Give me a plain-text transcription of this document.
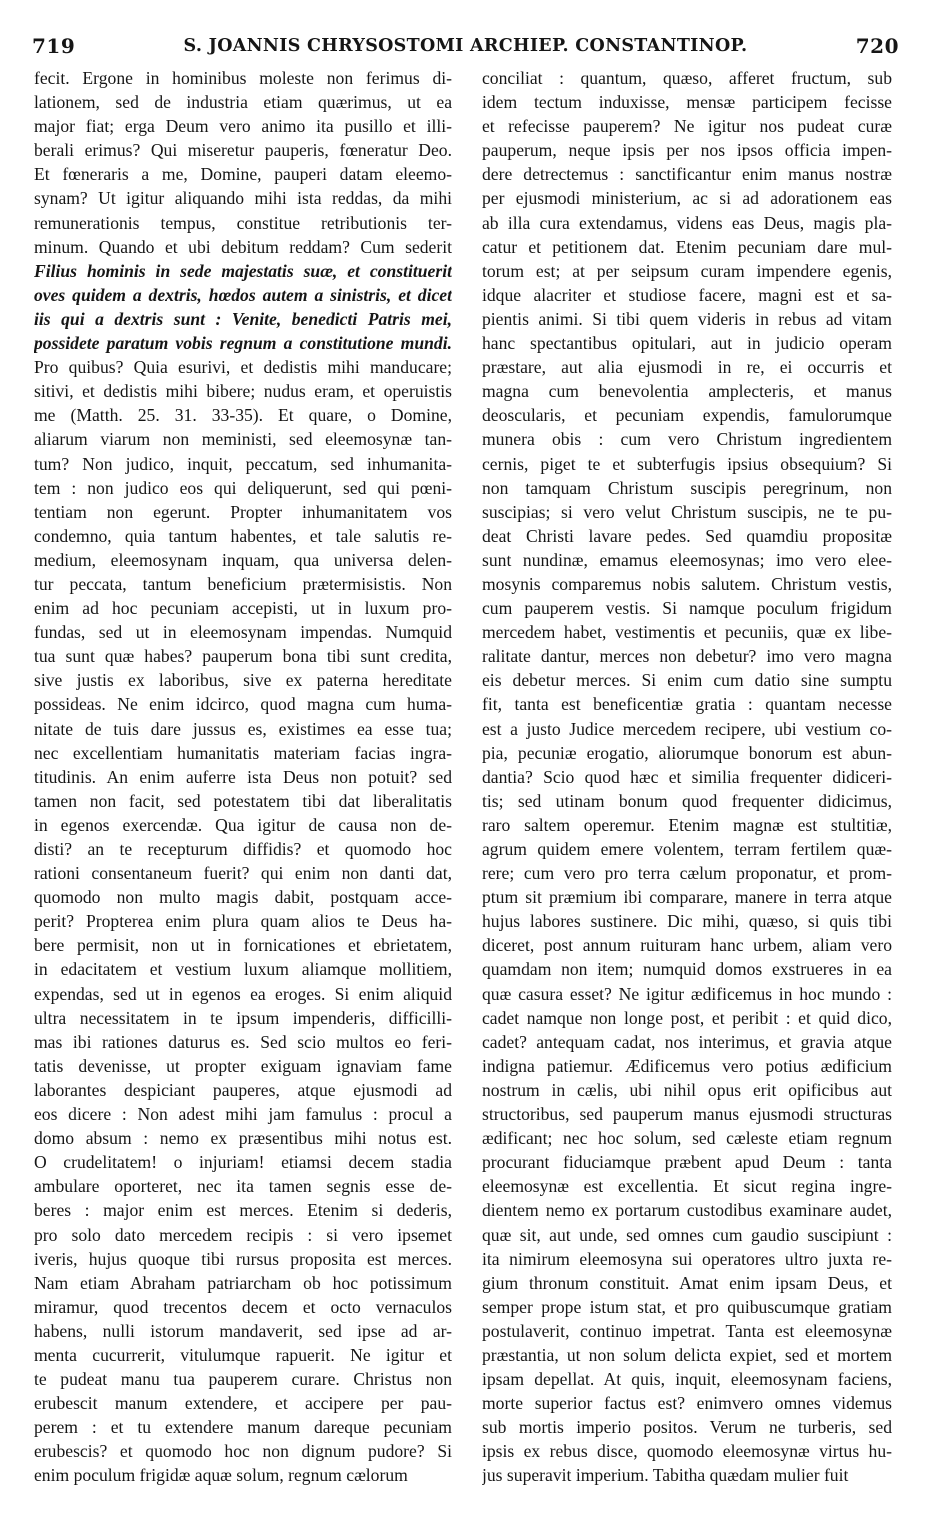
719	S. JOANNIS CHRYSOSTOMI ARCHIEP. CONSTANTINOP.	720
fecit. Ergone in hominibus moleste non ferimus di-
lationem, sed de industria etiam quærimus, ut ea
major fiat; erga Deum vero animo ita pusillo et illi-
berali erimus? Qui miseretur pauperis, fœneratur Deo.
Et fœneraris a me, Domine, pauperi datam eleemo-
synam? Ut igitur aliquando mihi ista reddas, da mihi
remunerationis tempus, constitue retributionis ter-
minum. Quando et ubi debitum reddam? Cum sederit
Filius hominis in sede majestatis suæ, et constituerit
oves quidem a dextris, hœdos autem a sinistris, et dicet
iis qui a dextris sunt : Venite, benedicti Patris mei,
possidete paratum vobis regnum a constitutione mundi.
Pro quibus? Quia esurivi, et dedistis mihi manducare;
sitivi, et dedistis mihi bibere; nudus eram, et operuistis
me (Matth. 25. 31. 33-35). Et quare, o Domine,
aliarum viarum non meministi, sed eleemosynæ tan-
tum? Non judico, inquit, peccatum, sed inhumanita-
tem : non judico eos qui deliquerunt, sed qui pœni-
tentiam non egerunt. Propter inhumanitatem vos
condemno, quia tantum habentes, et tale salutis re-
medium, eleemosynam inquam, qua universa delen-
tur peccata, tantum beneficium prætermisistis. Non
enim ad hoc pecuniam accepisti, ut in luxum pro-
fundas, sed ut in eleemosynam impendas. Numquid
tua sunt quæ habes? pauperum bona tibi sunt credita,
sive justis ex laboribus, sive ex paterna hereditate
possideas. Ne enim idcirco, quod magna cum huma-
nitate de tuis dare jussus es, existimes ea esse tua;
nec excellentiam humanitatis materiam facias ingra-
titudinis. An enim auferre ista Deus non potuit? sed
tamen non facit, sed potestatem tibi dat liberalitatis
in egenos exercendæ. Qua igitur de causa non de-
disti? an te recepturum diffidis? et quomodo hoc
rationi consentaneum fuerit? qui enim non danti dat,
quomodo non multo magis dabit, postquam acce-
perit? Propterea enim plura quam alios te Deus ha-
bere permisit, non ut in fornicationes et ebrietatem,
in edacitatem et vestium luxum aliamque mollitiem,
expendas, sed ut in egenos ea eroges. Si enim aliquid
ultra necessitatem in te ipsum impenderis, difficilli-
mas ibi rationes daturus es. Sed scio multos eo feri-
tatis devenisse, ut propter exiguam ignaviam fame
laborantes despiciant pauperes, atque ejusmodi ad
eos dicere : Non adest mihi jam famulus : procul a
domo absum : nemo ex præsentibus mihi notus est.
O crudelitatem! o injuriam! etiamsi decem stadia
ambulare oporteret, nec ita tamen segnis esse de-
beres : major enim est merces. Etenim si dederis,
pro solo dato mercedem recipis : si vero ipsemet
iveris, hujus quoque tibi rursus proposita est merces.
Nam etiam Abraham patriarcham ob hoc potissimum
miramur, quod trecentos decem et octo vernaculos
habens, nulli istorum mandaverit, sed ipse ad ar-
menta cucurrerit, vitulumque rapuerit. Ne igitur et
te pudeat manu tua pauperem curare. Christus non
erubescit manum extendere, et accipere per pau-
perem : et tu extendere manum dareque pecuniam
erubescis? et quomodo hoc non dignum pudore? Si
enim poculum frigidæ aquæ solum, regnum cælorum
conciliat : quantum, quæso, afferet fructum, sub
idem tectum induxisse, mensæ participem fecisse
et refecisse pauperem? Ne igitur nos pudeat curæ
pauperum, neque ipsis per nos ipsos officia impen-
dere detrectemus : sanctificantur enim manus nostræ
per ejusmodi ministerium, ac si ad adorationem eas
ab illa cura extendamus, videns eas Deus, magis pla-
catur et petitionem dat. Etenim pecuniam dare mul-
torum est; at per seipsum curam impendere egenis,
idque alacriter et studiose facere, magni est et sa-
pientis animi. Si tibi quem videris in rebus ad vitam
hanc spectantibus opitulari, aut in judicio operam
præstare, aut alia ejusmodi in re, ei occurris et
magna cum benevolentia amplecteris, et manus
deoscularis, et pecuniam expendis, famulorumque
munera obis : cum vero Christum ingredientem
cernis, piget te et subterfugis ipsius obsequium? Si
non tamquam Christum suscipis peregrinum, non
suscipias; si vero velut Christum suscipis, ne te pu-
deat Christi lavare pedes. Sed quamdiu propositæ
sunt nundinæ, emamus eleemosynas; imo vero elee-
mosynis comparemus nobis salutem. Christum vestis,
cum pauperem vestis. Si namque poculum frigidum
mercedem habet, vestimentis et pecuniis, quæ ex libe-
ralitate dantur, merces non debetur? imo vero magna
eis debetur merces. Si enim cum datio sine sumptu
fit, tanta est beneficentiæ gratia : quantam necesse
est a justo Judice mercedem recipere, ubi vestium co-
pia, pecuniæ erogatio, aliorumque bonorum est abun-
dantia? Scio quod hæc et similia frequenter didiceri-
tis; sed utinam bonum quod frequenter didicimus,
raro saltem operemur. Etenim magnæ est stultitiæ,
agrum quidem emere volentem, terram fertilem quæ-
rere; cum vero pro terra cælum proponatur, et prom-
ptum sit præmium ibi comparare, manere in terra atque
hujus labores sustinere. Dic mihi, quæso, si quis tibi
diceret, post annum ruituram hanc urbem, aliam vero
quamdam non item; numquid domos exstrueres in ea
quæ casura esset? Ne igitur ædificemus in hoc mundo :
cadet namque non longe post, et peribit : et quid dico,
cadet? antequam cadat, nos interimus, et gravia atque
indigna patiemur. Ædificemus vero potius ædificium
nostrum in cælis, ubi nihil opus erit opificibus aut
structoribus, sed pauperum manus ejusmodi structuras
ædificant; nec hoc solum, sed cæleste etiam regnum
procurant fiduciamque præbent apud Deum : tanta
eleemosynæ est excellentia. Et sicut regina ingre-
dientem nemo ex portarum custodibus examinare audet,
quæ sit, aut unde, sed omnes cum gaudio suscipiunt :
ita nimirum eleemosyna sui operatores ultro juxta re-
gium thronum constituit. Amat enim ipsam Deus, et
semper prope istum stat, et pro quibuscumque gratiam
postulaverit, continuo impetrat. Tanta est eleemosynæ
præstantia, ut non solum delicta expiet, sed et mortem
ipsam depellat. At quis, inquit, eleemosynam faciens,
morte superior factus est? enimvero omnes videmus
sub mortis imperio positos. Verum ne turberis, sed
ipsis ex rebus disce, quomodo eleemosynæ virtus hu-
jus superavit imperium. Tabitha quædam mulier fuit
